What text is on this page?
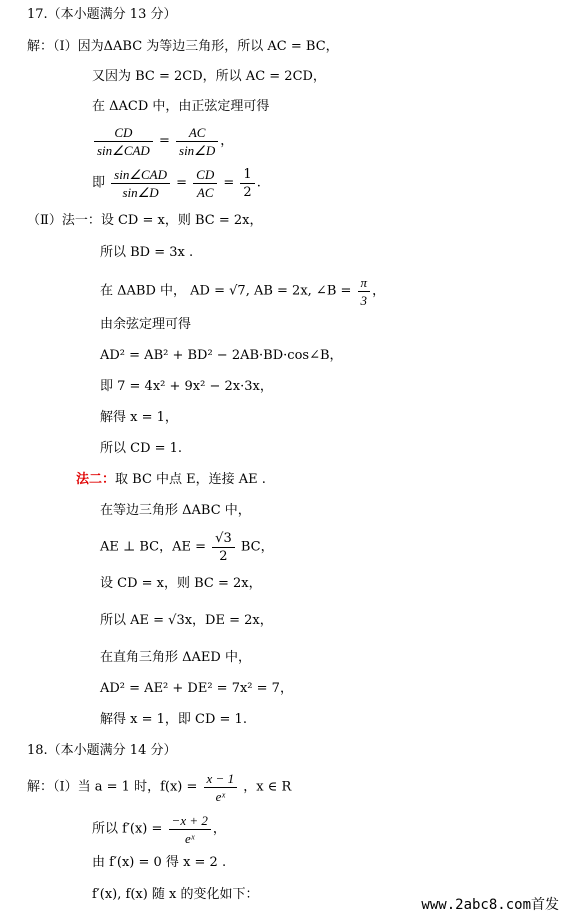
17.（本小题满分 13 分）
解：（Ⅰ）因为ΔABC 为等边三角形，所以 AC = BC，
又因为 BC = 2CD，所以 AC = 2CD，
在 ΔACD 中，由正弦定理可得
$\frac{CD}{\text{sin∠CAD}} = \frac{AC}{\sin\angle D}$ ，
即 $\frac{\text{sin∠CAD}}{\sin\angle D} = \frac{CD}{AC} = \frac{1}{2}$ .
（Ⅱ）法一：设 CD = x，则 BC = 2x，
所以 BD = 3x .
在 ΔABD 中， AD = √7, AB = 2x, ∠B = $\frac{\pi}{3}$ ，
由余弦定理可得
AD² = AB² + BD² − 2AB·BD·cos∠B，
即 7 = 4x² + 9x² − 2x·3x，
解得 x = 1，
所以 CD = 1.
法二：取 BC 中点 E，连接 AE .
在等边三角形 ΔABC 中，
AE ⊥ BC，AE = $\frac{√3}{2}$ BC，
设 CD = x，则 BC = 2x，
所以 AE = √3x，DE = 2x，
在直角三角形 ΔAED 中，
AD² = AE² + DE² = 7x² = 7，
解得 x = 1，即 CD = 1.
18.（本小题满分 14 分）
解：（Ⅰ）当 a = 1 时，$f(x) = \frac{x - 1}{\text{eˣ}}$ ，x ∈ R
所以 $f'(x) = \frac{-x + 2}{\text{eˣ}}$ ，
由 f′(x) = 0 得 x = 2 .
f′(x), f(x) 随 x 的变化如下：
www.2abc8.com首发
